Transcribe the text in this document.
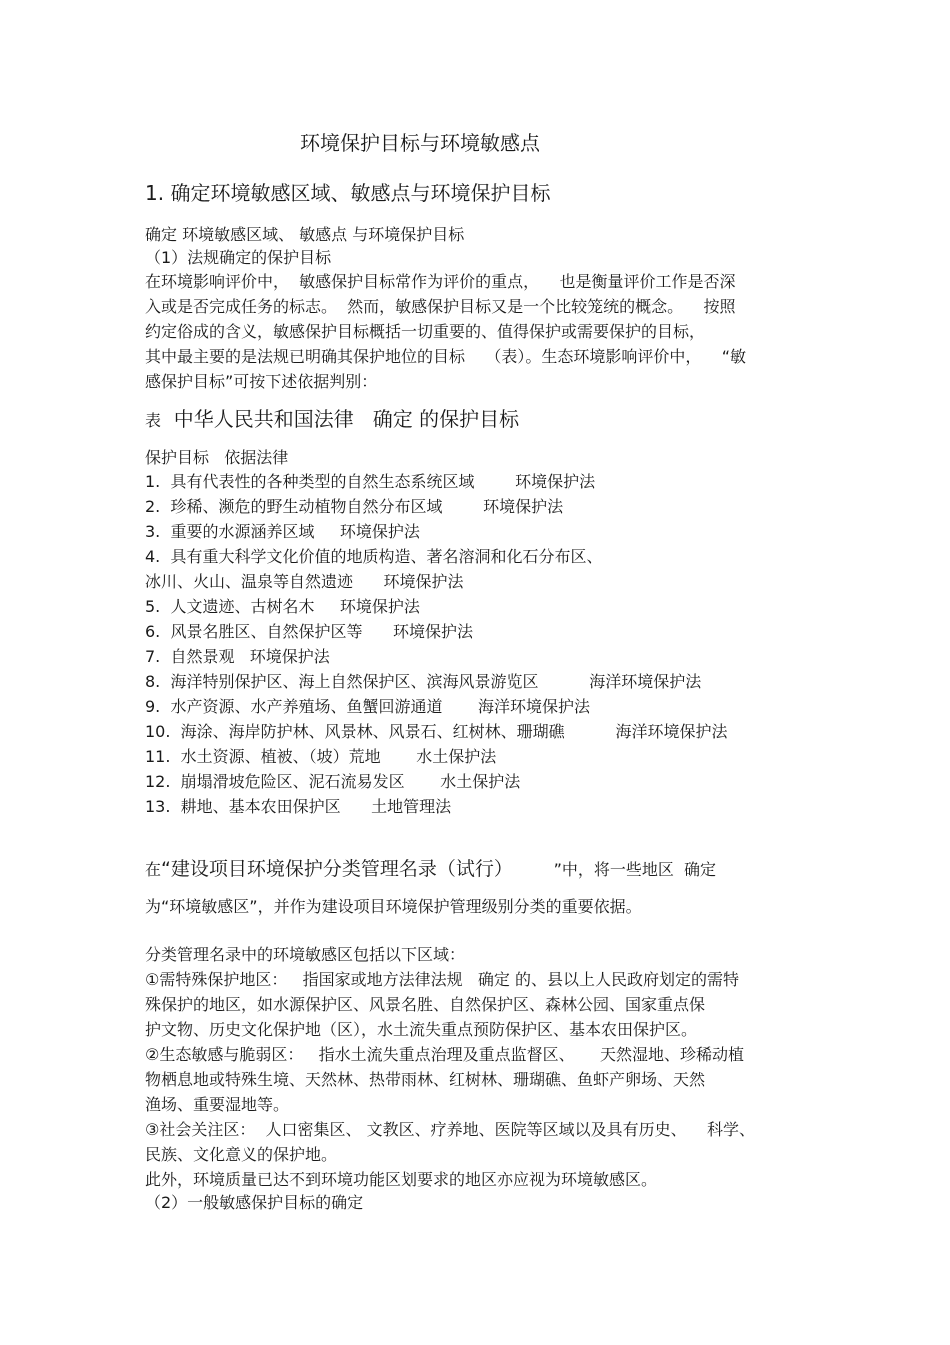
环境保护目标与环境敏感点
1. 确定环境敏感区域、敏感点与环境保护目标
确定 环境敏感区域、 敏感点 与环境保护目标
（1）法规确定的保护目标
在环境影响评价中，  敏感保护目标常作为评价的重点，    也是衡量评价工作是否深
入或是否完成任务的标志。  然而，敏感保护目标又是一个比较笼统的概念。    按照
约定俗成的含义，敏感保护目标概括一切重要的、值得保护或需要保护的目标，
其中最主要的是法规已明确其保护地位的目标    （表）。生态环境影响评价中，    “敏
感保护目标”可按下述依据判别：
表 中华人民共和国法律   确定 的保护目标
保护目标   依据法律
1.  具有代表性的各种类型的自然生态系统区域        环境保护法
2.  珍稀、濒危的野生动植物自然分布区域        环境保护法
3.  重要的水源涵养区域     环境保护法
4.  具有重大科学文化价值的地质构造、著名溶洞和化石分布区、
冰川、火山、温泉等自然遗迹      环境保护法
5.  人文遗迹、古树名木     环境保护法
6.  风景名胜区、自然保护区等      环境保护法
7.  自然景观   环境保护法
8.  海洋特别保护区、海上自然保护区、滨海风景游览区          海洋环境保护法
9.  水产资源、水产养殖场、鱼蟹回游通道       海洋环境保护法
10.  海涂、海岸防护林、风景林、风景石、红树林、珊瑚礁          海洋环境保护法
11.  水土资源、植被、（坡）荒地       水土保护法
12.  崩塌滑坡危险区、泥石流易发区       水土保护法
13.  耕地、基本农田保护区      土地管理法
在“建设项目环境保护分类管理名录（试行）        ”中，将一些地区  确定
为“环境敏感区”，并作为建设项目环境保护管理级别分类的重要依据。
分类管理名录中的环境敏感区包括以下区域：
①需特殊保护地区：   指国家或地方法律法规   确定 的、县以上人民政府划定的需特
殊保护的地区，如水源保护区、风景名胜、自然保护区、森林公园、国家重点保
护文物、历史文化保护地（区），水土流失重点预防保护区、基本农田保护区。
②生态敏感与脆弱区：   指水土流失重点治理及重点监督区、     天然湿地、珍稀动植
物栖息地或特殊生境、天然林、热带雨林、红树林、珊瑚礁、鱼虾产卵场、天然
渔场、重要湿地等。
③社会关注区：  人口密集区、 文教区、疗养地、医院等区域以及具有历史、    科学、
民族、文化意义的保护地。
此外，环境质量已达不到环境功能区划要求的地区亦应视为环境敏感区。
（2）一般敏感保护目标的确定
